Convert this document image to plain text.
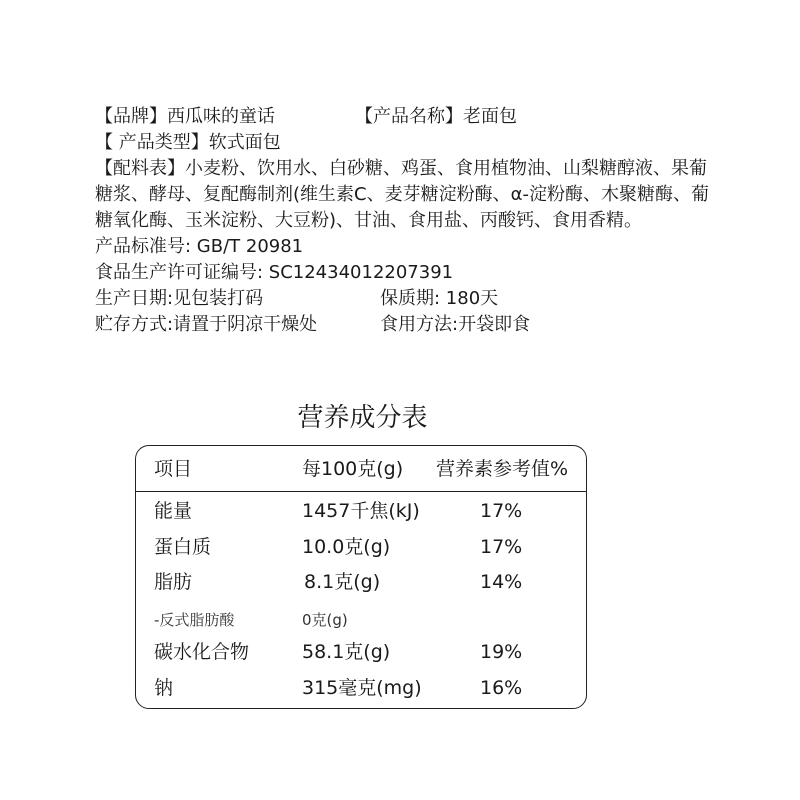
【品牌】西瓜味的童话	【产品名称】老面包
【 产品类型】软式面包
【配料表】小麦粉、饮用水、白砂糖、鸡蛋、食用植物油、山梨糖醇液、果葡糖浆、酵母、复配酶制剂(维生素C、麦芽糖淀粉酶、α-淀粉酶、木聚糖酶、葡糖氧化酶、玉米淀粉、大豆粉)、甘油、食用盐、丙酸钙、食用香精。
产品标准号: GB/T 20981
食品生产许可证编号: SC12434012207391
生产日期:见包装打码	保质期: 180天
贮存方式:请置于阴凉干燥处	食用方法:开袋即食
营养成分表
项目	每100克(g) 营养素参考值%
能量	1457千焦(kJ)	17%
蛋白质	10.0克(g)	17%
脂肪	8.1克(g)	14%
-反式脂肪酸	0克(g)
碳水化合物	58.1克(g)	19%
钠	315毫克(mg)	16%
